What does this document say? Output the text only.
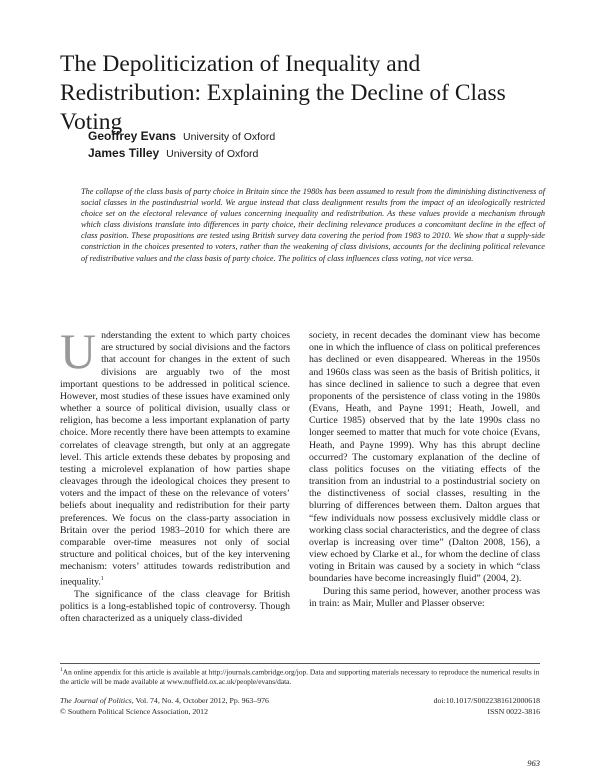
The Depoliticization of Inequality and Redistribution: Explaining the Decline of Class Voting
Geoffrey Evans University of Oxford
James Tilley University of Oxford
The collapse of the class basis of party choice in Britain since the 1980s has been assumed to result from the diminishing distinctiveness of social classes in the postindustrial world. We argue instead that class dealignment results from the impact of an ideologically restricted choice set on the electoral relevance of values concerning inequality and redistribution. As these values provide a mechanism through which class divisions translate into differences in party choice, their declining relevance produces a concomitant decline in the effect of class position. These propositions are tested using British survey data covering the period from 1983 to 2010. We show that a supply-side constriction in the choices presented to voters, rather than the weakening of class divisions, accounts for the declining political relevance of redistributive values and the class basis of party choice. The politics of class influences class voting, not vice versa.

Understanding the extent to which party choices are structured by social divisions and the factors that account for changes in the extent of such divisions are arguably two of the most important questions to be addressed in political science. However, most studies of these issues have examined only whether a source of political division, usually class or religion, has become a less important explanation of party choice. More recently there have been attempts to examine correlates of cleavage strength, but only at an aggregate level. This article extends these debates by proposing and testing a microlevel explanation of how parties shape cleavages through the ideological choices they present to voters and the impact of these on the relevance of voters’ beliefs about inequality and redistribution for their party preferences. We focus on the class-party association in Britain over the period 1983–2010 for which there are comparable over-time measures not only of social structure and political choices, but of the key intervening mechanism: voters’ attitudes towards redistribution and inequality.$^1$

The significance of the class cleavage for British politics is a long-established topic of controversy. Though often characterized as a uniquely class-divided

society, in recent decades the dominant view has become one in which the influence of class on political preferences has declined or even disappeared. Whereas in the 1950s and 1960s class was seen as the basis of British politics, it has since declined in salience to such a degree that even proponents of the persistence of class voting in the 1980s (Evans, Heath, and Payne 1991; Heath, Jowell, and Curtice 1985) observed that by the late 1990s class no longer seemed to matter that much for vote choice (Evans, Heath, and Payne 1999). Why has this abrupt decline occurred? The customary explanation of the decline of class politics focuses on the vitiating effects of the transition from an industrial to a postindustrial society on the distinctiveness of social classes, resulting in the blurring of differences between them. Dalton argues that “few individuals now possess exclusively middle class or working class social characteristics, and the degree of class overlap is increasing over time” (Dalton 2008, 156), a view echoed by Clarke et al., for whom the decline of class voting in Britain was caused by a society in which “class boundaries have become increasingly fluid” (2004, 2).

During this same period, however, another process was in train: as Mair, Muller and Plasser observe:

$^1$An online appendix for this article is available at http://journals.cambridge.org/jop. Data and supporting materials necessary to reproduce the numerical results in the article will be made available at www.nuffield.ox.ac.uk/people/evans/data.
The Journal of Politics, Vol. 74, No. 4, October 2012, Pp. 963–976
© Southern Political Science Association, 2012
doi:10.1017/S0022381612000618
ISSN 0022-3816
963
